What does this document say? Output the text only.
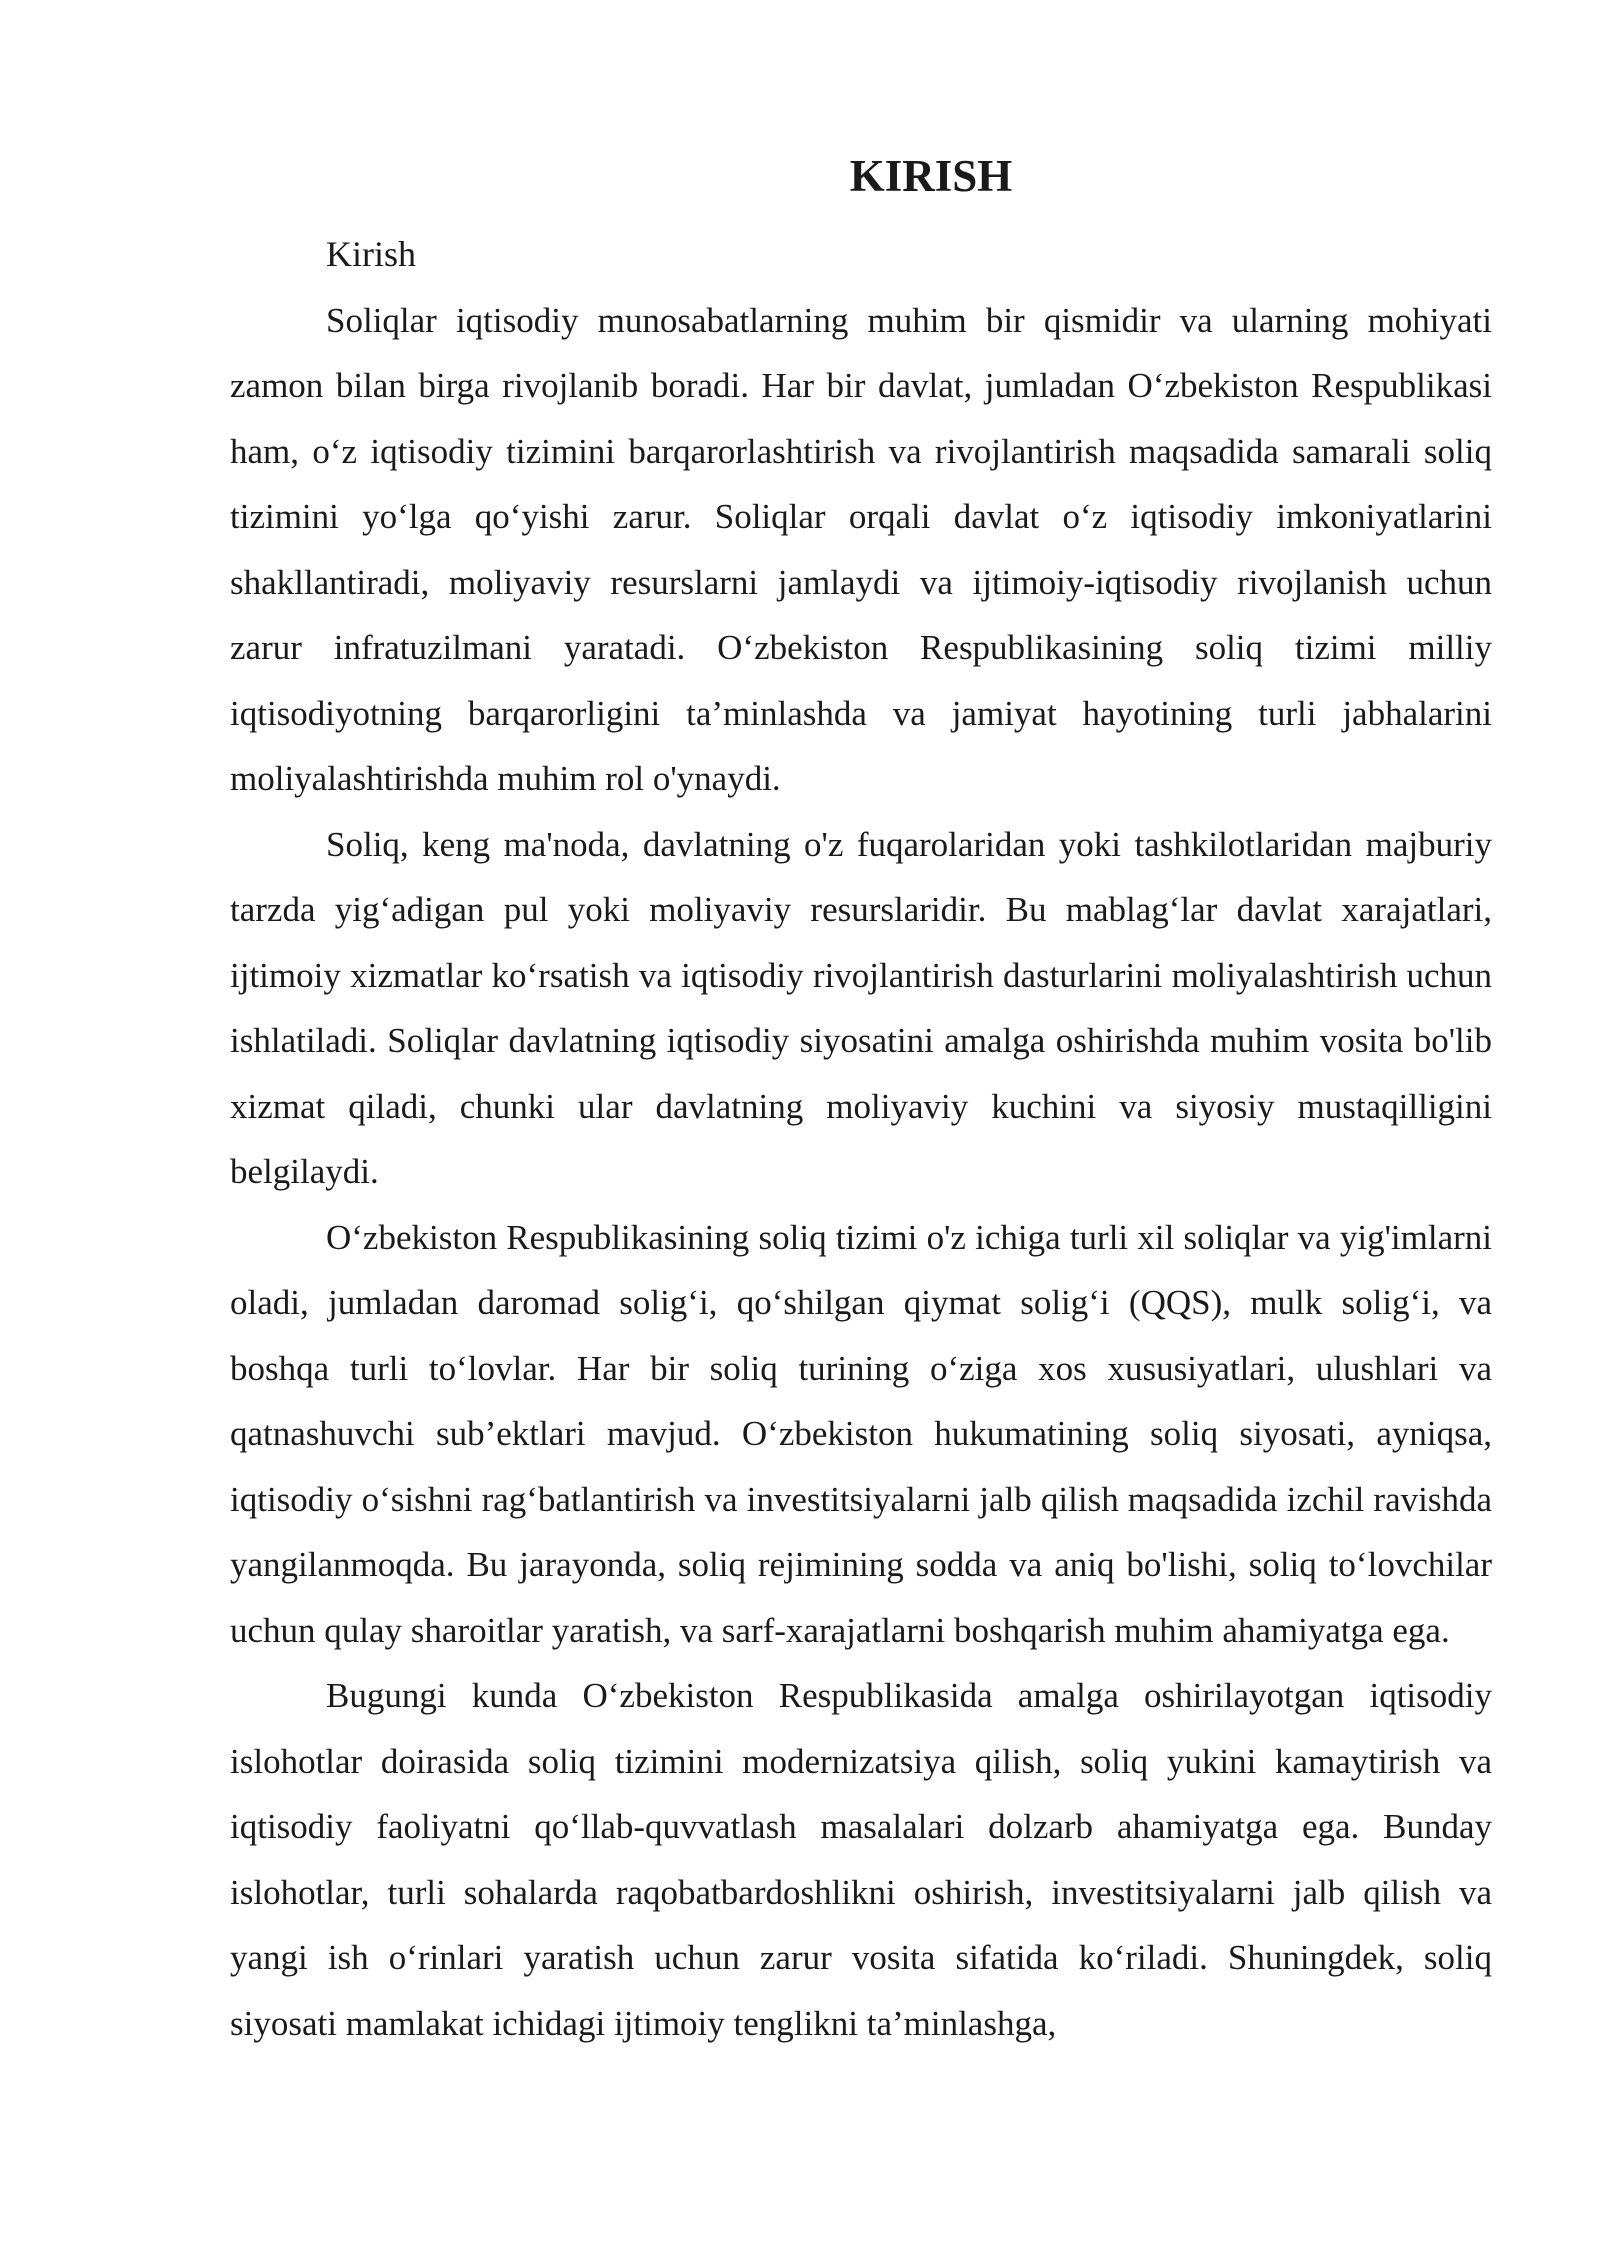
KIRISH

Kirish

Soliqlar iqtisodiy munosabatlarning muhim bir qismidir va ularning mohiyati zamon bilan birga rivojlanib boradi. Har bir davlat, jumladan O‘zbekiston Respublikasi ham, o‘z iqtisodiy tizimini barqarorlashtirish va rivojlantirish maqsadida samarali soliq tizimini yo‘lga qo‘yishi zarur. Soliqlar orqali davlat o‘z iqtisodiy imkoniyatlarini shakllantiradi, moliyaviy resurslarni jamlaydi va ijtimoiy-iqtisodiy rivojlanish uchun zarur infratuzilmani yaratadi. O‘zbekiston Respublikasining soliq tizimi milliy iqtisodiyotning barqarorligini ta’minlashda va jamiyat hayotining turli jabhalarini moliyalashtirishda muhim rol o'ynaydi.

Soliq, keng ma'noda, davlatning o'z fuqarolaridan yoki tashkilotlaridan majburiy tarzda yig‘adigan pul yoki moliyaviy resurslaridir. Bu mablag‘lar davlat xarajatlari, ijtimoiy xizmatlar ko‘rsatish va iqtisodiy rivojlantirish dasturlarini moliyalashtirish uchun ishlatiladi. Soliqlar davlatning iqtisodiy siyosatini amalga oshirishda muhim vosita bo'lib xizmat qiladi, chunki ular davlatning moliyaviy kuchini va siyosiy mustaqilligini belgilaydi.

O‘zbekiston Respublikasining soliq tizimi o'z ichiga turli xil soliqlar va yig'imlarni oladi, jumladan daromad solig‘i, qo‘shilgan qiymat solig‘i (QQS), mulk solig‘i, va boshqa turli to‘lovlar. Har bir soliq turining o‘ziga xos xususiyatlari, ulushlari va qatnashuvchi sub’ektlari mavjud. O‘zbekiston hukumatining soliq siyosati, ayniqsa, iqtisodiy o‘sishni rag‘batlantirish va investitsiyalarni jalb qilish maqsadida izchil ravishda yangilanmoqda. Bu jarayonda, soliq rejimining sodda va aniq bo'lishi, soliq to‘lovchilar uchun qulay sharoitlar yaratish, va sarf-xarajatlarni boshqarish muhim ahamiyatga ega.

Bugungi kunda O‘zbekiston Respublikasida amalga oshirilayotgan iqtisodiy islohotlar doirasida soliq tizimini modernizatsiya qilish, soliq yukini kamaytirish va iqtisodiy faoliyatni qo‘llab-quvvatlash masalalari dolzarb ahamiyatga ega. Bunday islohotlar, turli sohalarda raqobatbardoshlikni oshirish, investitsiyalarni jalb qilish va yangi ish o‘rinlari yaratish uchun zarur vosita sifatida ko‘riladi. Shuningdek, soliq siyosati mamlakat ichidagi ijtimoiy tenglikni ta’minlashga,
